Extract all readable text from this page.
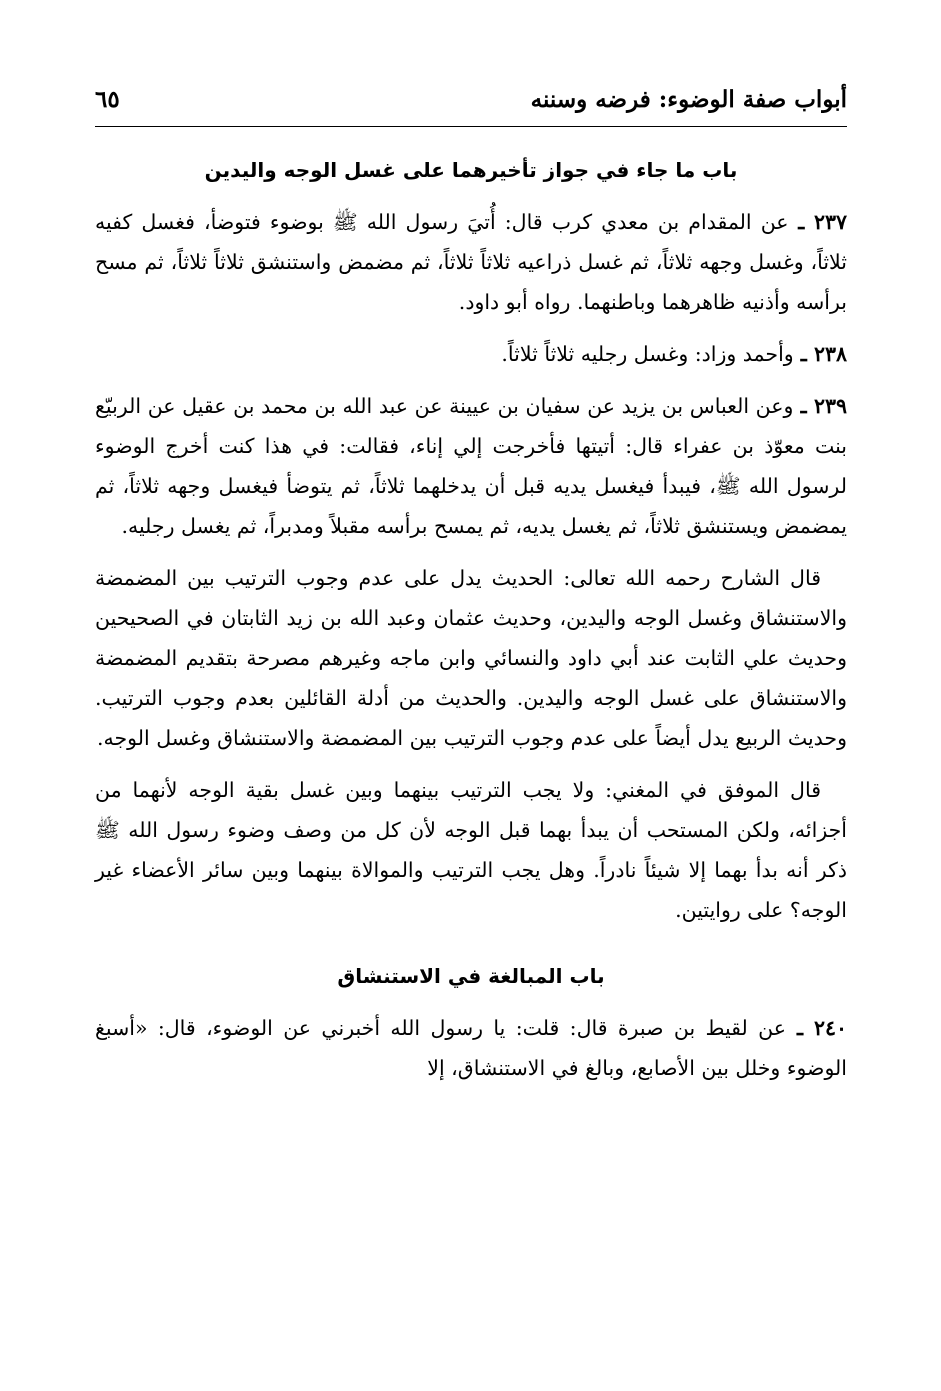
أبواب صفة الوضوء: فرضه وسننه
٦٥
باب ما جاء في جواز تأخيرهما على غسل الوجه واليدين

٢٣٧ ـ عن المقدام بن معدي كرب قال: أُتيَ رسول الله ﷺ بوضوء فتوضأ، فغسل كفيه ثلاثاً، وغسل وجهه ثلاثاً، ثم غسل ذراعيه ثلاثاً ثلاثاً، ثم مضمض واستنشق ثلاثاً ثلاثاً، ثم مسح برأسه وأذنيه ظاهرهما وباطنهما. رواه أبو داود.

٢٣٨ ـ وأحمد وزاد: وغسل رجليه ثلاثاً ثلاثاً.

٢٣٩ ـ وعن العباس بن يزيد عن سفيان بن عيينة عن عبد الله بن محمد بن عقيل عن الربيّع بنت معوّذ بن عفراء قال: أتيتها فأخرجت إلي إناء، فقالت: في هذا كنت أخرج الوضوء لرسول الله ﷺ، فيبدأ فيغسل يديه قبل أن يدخلهما ثلاثاً، ثم يتوضأ فيغسل وجهه ثلاثاً، ثم يمضمض ويستنشق ثلاثاً، ثم يغسل يديه، ثم يمسح برأسه مقبلاً ومدبراً، ثم يغسل رجليه.

قال الشارح رحمه الله تعالى: الحديث يدل على عدم وجوب الترتيب بين المضمضة والاستنشاق وغسل الوجه واليدين، وحديث عثمان وعبد الله بن زيد الثابتان في الصحيحين وحديث علي الثابت عند أبي داود والنسائي وابن ماجه وغيرهم مصرحة بتقديم المضمضة والاستنشاق على غسل الوجه واليدين. والحديث من أدلة القائلين بعدم وجوب الترتيب. وحديث الربيع يدل أيضاً على عدم وجوب الترتيب بين المضمضة والاستنشاق وغسل الوجه.

قال الموفق في المغني: ولا يجب الترتيب بينهما وبين غسل بقية الوجه لأنهما من أجزائه، ولكن المستحب أن يبدأ بهما قبل الوجه لأن كل من وصف وضوء رسول الله ﷺ ذكر أنه بدأ بهما إلا شيئاً نادراً. وهل يجب الترتيب والموالاة بينهما وبين سائر الأعضاء غير الوجه؟ على روايتين.

باب المبالغة في الاستنشاق

٢٤٠ ـ عن لقيط بن صبرة قال: قلت: يا رسول الله أخبرني عن الوضوء، قال: «أسبغ الوضوء وخلل بين الأصابع، وبالغ في الاستنشاق، إلا
